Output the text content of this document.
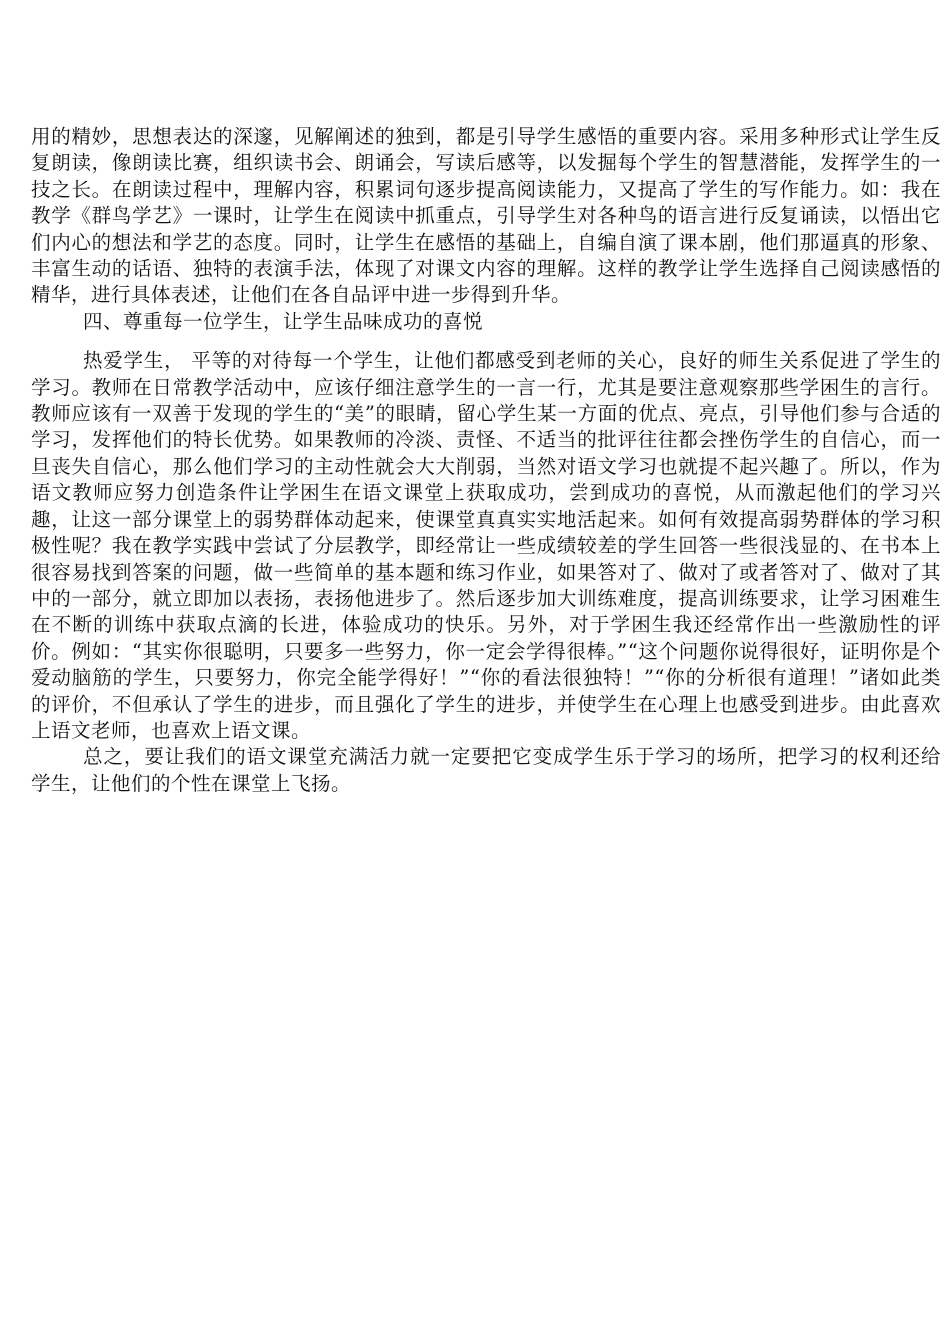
用的精妙，思想表达的深邃，见解阐述的独到，都是引导学生感悟的重要内容。采用多种形式让学生反复朗读，像朗读比赛，组织读书会、朗诵会，写读后感等，以发掘每个学生的智慧潜能，发挥学生的一技之长。在朗读过程中，理解内容，积累词句逐步提高阅读能力，又提高了学生的写作能力。如：我在教学《群鸟学艺》一课时，让学生在阅读中抓重点，引导学生对各种鸟的语言进行反复诵读，以悟出它们内心的想法和学艺的态度。同时，让学生在感悟的基础上，自编自演了课本剧，他们那逼真的形象、丰富生动的话语、独特的表演手法，体现了对课文内容的理解。这样的教学让学生选择自己阅读感悟的精华，进行具体表述，让他们在各自品评中进一步得到升华。

四、尊重每一位学生，让学生品味成功的喜悦

热爱学生， 平等的对待每一个学生，让他们都感受到老师的关心，良好的师生关系促进了学生的学习。教师在日常教学活动中，应该仔细注意学生的一言一行，尤其是要注意观察那些学困生的言行。教师应该有一双善于发现的学生的“美”的眼睛，留心学生某一方面的优点、亮点，引导他们参与合适的学习，发挥他们的特长优势。如果教师的冷淡、责怪、不适当的批评往往都会挫伤学生的自信心，而一旦丧失自信心，那么他们学习的主动性就会大大削弱，当然对语文学习也就提不起兴趣了。所以，作为语文教师应努力创造条件让学困生在语文课堂上获取成功，尝到成功的喜悦，从而激起他们的学习兴趣，让这一部分课堂上的弱势群体动起来，使课堂真真实实地活起来。如何有效提高弱势群体的学习积极性呢？我在教学实践中尝试了分层教学，即经常让一些成绩较差的学生回答一些很浅显的、在书本上很容易找到答案的问题，做一些简单的基本题和练习作业，如果答对了、做对了或者答对了、做对了其中的一部分，就立即加以表扬，表扬他进步了。然后逐步加大训练难度，提高训练要求，让学习困难生在不断的训练中获取点滴的长进，体验成功的快乐。另外，对于学困生我还经常作出一些激励性的评价。例如：“其实你很聪明，只要多一些努力，你一定会学得很棒。”“这个问题你说得很好，证明你是个爱动脑筋的学生，只要努力，你完全能学得好！”“你的看法很独特！”“你的分析很有道理！”诸如此类的评价，不但承认了学生的进步，而且强化了学生的进步，并使学生在心理上也感受到进步。由此喜欢上语文老师，也喜欢上语文课。

总之，要让我们的语文课堂充满活力就一定要把它变成学生乐于学习的场所，把学习的权利还给学生，让他们的个性在课堂上飞扬。
